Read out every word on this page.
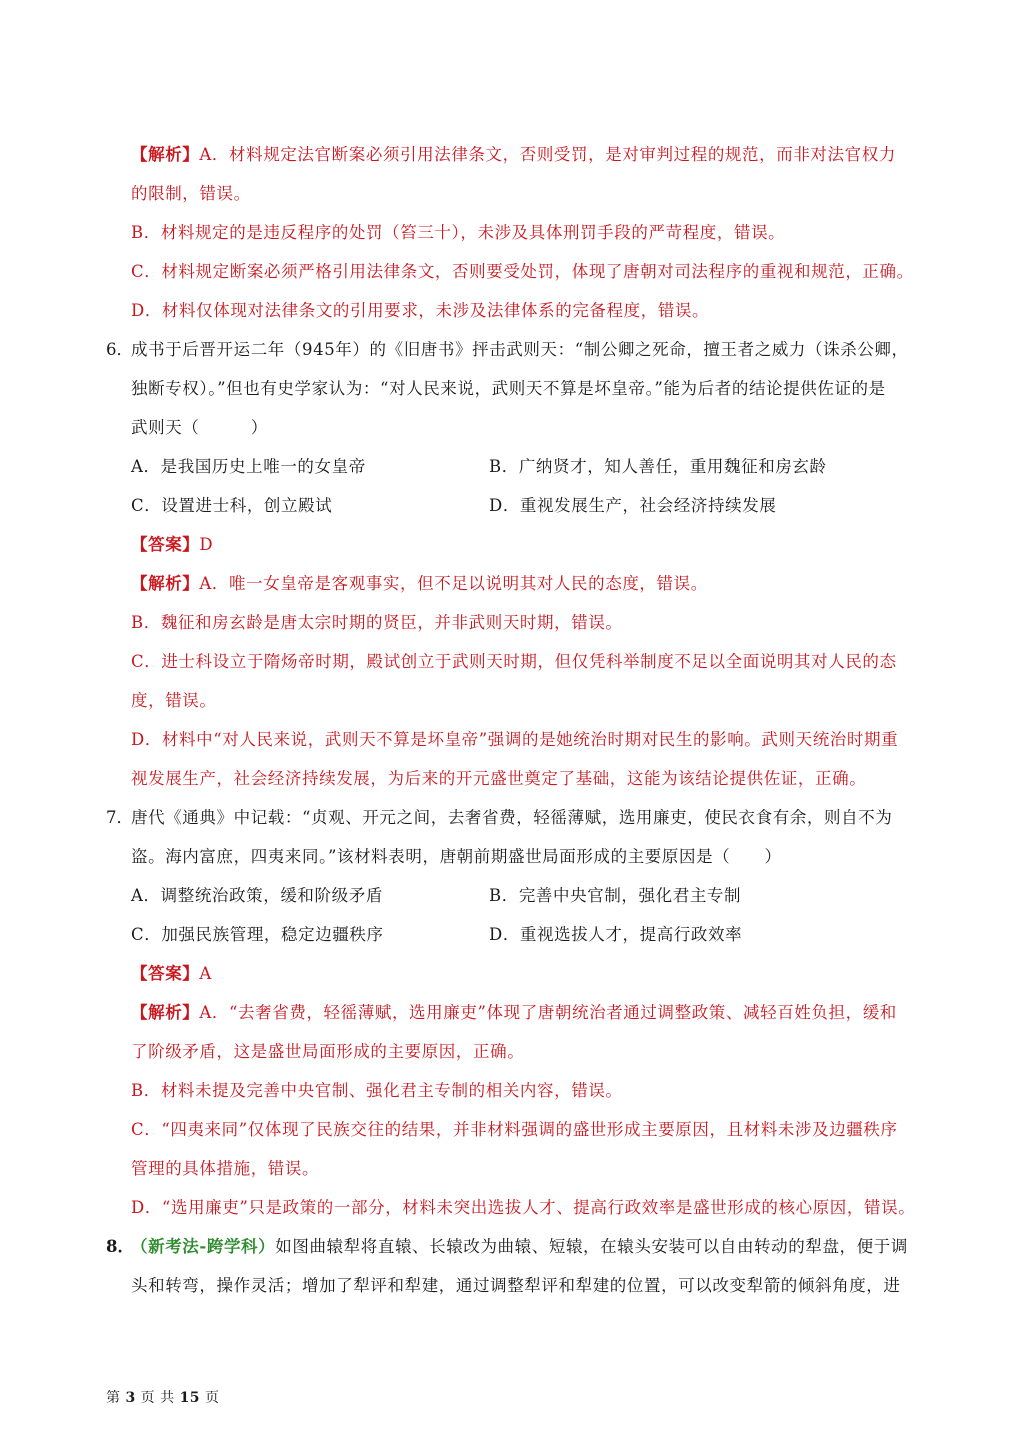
【解析】A．材料规定法官断案必须引用法律条文，否则受罚，是对审判过程的规范，而非对法官权力
的限制，错误。
B．材料规定的是违反程序的处罚（笞三十），未涉及具体刑罚手段的严苛程度，错误。
C．材料规定断案必须严格引用法律条文，否则要受处罚，体现了唐朝对司法程序的重视和规范，正确。
D．材料仅体现对法律条文的引用要求，未涉及法律体系的完备程度，错误。
6．
成书于后晋开运二年（945年）的《旧唐书》抨击武则天：“制公卿之死命，擅王者之威力（诛杀公卿，
独断专权）。”但也有史学家认为：“对人民来说，武则天不算是坏皇帝。”能为后者的结论提供佐证的是
武则天（　　　）
A．是我国历史上唯一的女皇帝	B．广纳贤才，知人善任，重用魏征和房玄龄
C．设置进士科，创立殿试	D．重视发展生产，社会经济持续发展
【答案】D
【解析】A．唯一女皇帝是客观事实，但不足以说明其对人民的态度，错误。
B．魏征和房玄龄是唐太宗时期的贤臣，并非武则天时期，错误。
C．进士科设立于隋炀帝时期，殿试创立于武则天时期，但仅凭科举制度不足以全面说明其对人民的态
度，错误。
D．材料中“对人民来说，武则天不算是坏皇帝”强调的是她统治时期对民生的影响。武则天统治时期重
视发展生产，社会经济持续发展，为后来的开元盛世奠定了基础，这能为该结论提供佐证，正确。
7．
唐代《通典》中记载：“贞观、开元之间，去奢省费，轻徭薄赋，选用廉吏，使民衣食有余，则自不为
盗。海内富庶，四夷来同。”该材料表明，唐朝前期盛世局面形成的主要原因是（　　）
A．调整统治政策，缓和阶级矛盾	B．完善中央官制，强化君主专制
C．加强民族管理，稳定边疆秩序	D．重视选拔人才，提高行政效率
【答案】A
【解析】A．“去奢省费，轻徭薄赋，选用廉吏”体现了唐朝统治者通过调整政策、减轻百姓负担，缓和
了阶级矛盾，这是盛世局面形成的主要原因，正确。
B．材料未提及完善中央官制、强化君主专制的相关内容，错误。
C．“四夷来同”仅体现了民族交往的结果，并非材料强调的盛世形成主要原因，且材料未涉及边疆秩序
管理的具体措施，错误。
D．“选用廉吏”只是政策的一部分，材料未突出选拔人才、提高行政效率是盛世形成的核心原因，错误。
8．
（新考法-跨学科）如图曲辕犁将直辕、长辕改为曲辕、短辕，在辕头安装可以自由转动的犁盘，便于调
头和转弯，操作灵活；增加了犁评和犁建，通过调整犁评和犁建的位置，可以改变犁箭的倾斜角度，进
第 3 页 共 15 页
